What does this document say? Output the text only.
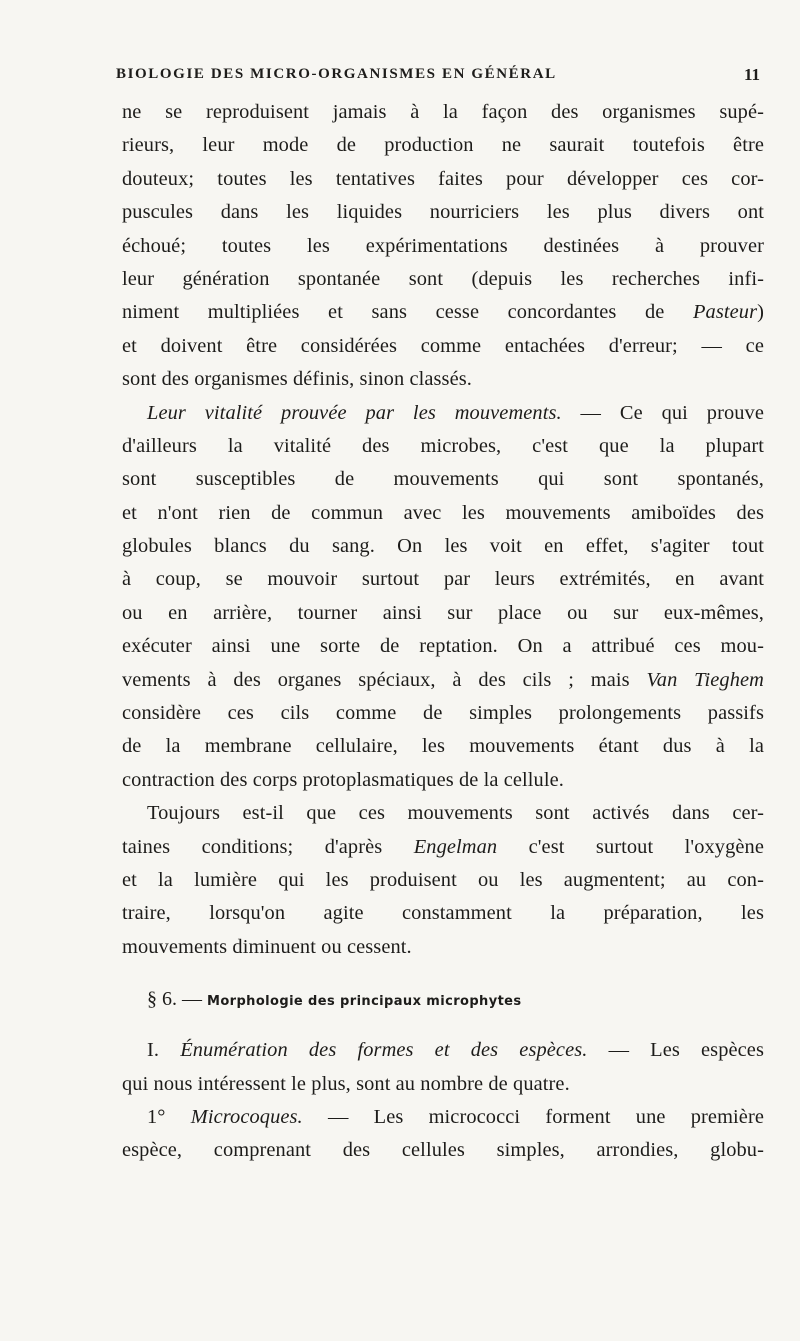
BIOLOGIE DES MICRO-ORGANISMES EN GÉNÉRAL	11
ne se reproduisent jamais à la façon des organismes supé-
rieurs, leur mode de production ne saurait toutefois être
douteux; toutes les tentatives faites pour développer ces cor-
puscules dans les liquides nourriciers les plus divers ont
échoué; toutes les expérimentations destinées à prouver
leur génération spontanée sont (depuis les recherches infi-
niment multipliées et sans cesse concordantes de Pasteur)
et doivent être considérées comme entachées d'erreur; — ce
sont des organismes définis, sinon classés.
Leur vitalité prouvée par les mouvements. — Ce qui prouve
d'ailleurs la vitalité des microbes, c'est que la plupart
sont susceptibles de mouvements qui sont spontanés,
et n'ont rien de commun avec les mouvements amiboïdes des
globules blancs du sang. On les voit en effet, s'agiter tout
à coup, se mouvoir surtout par leurs extrémités, en avant
ou en arrière, tourner ainsi sur place ou sur eux-mêmes,
exécuter ainsi une sorte de reptation. On a attribué ces mou-
vements à des organes spéciaux, à des cils ; mais Van Tieghem
considère ces cils comme de simples prolongements passifs
de la membrane cellulaire, les mouvements étant dus à la
contraction des corps protoplasmatiques de la cellule.
Toujours est-il que ces mouvements sont activés dans cer-
taines conditions; d'après Engelman c'est surtout l'oxygène
et la lumière qui les produisent ou les augmentent; au con-
traire, lorsqu'on agite constamment la préparation, les
mouvements diminuent ou cessent.
§ 6. — Morphologie des principaux microphytes
I. Énumération des formes et des espèces. — Les espèces
qui nous intéressent le plus, sont au nombre de quatre.
1° Microcoques. — Les micrococci forment une première
espèce, comprenant des cellules simples, arrondies, globu-
